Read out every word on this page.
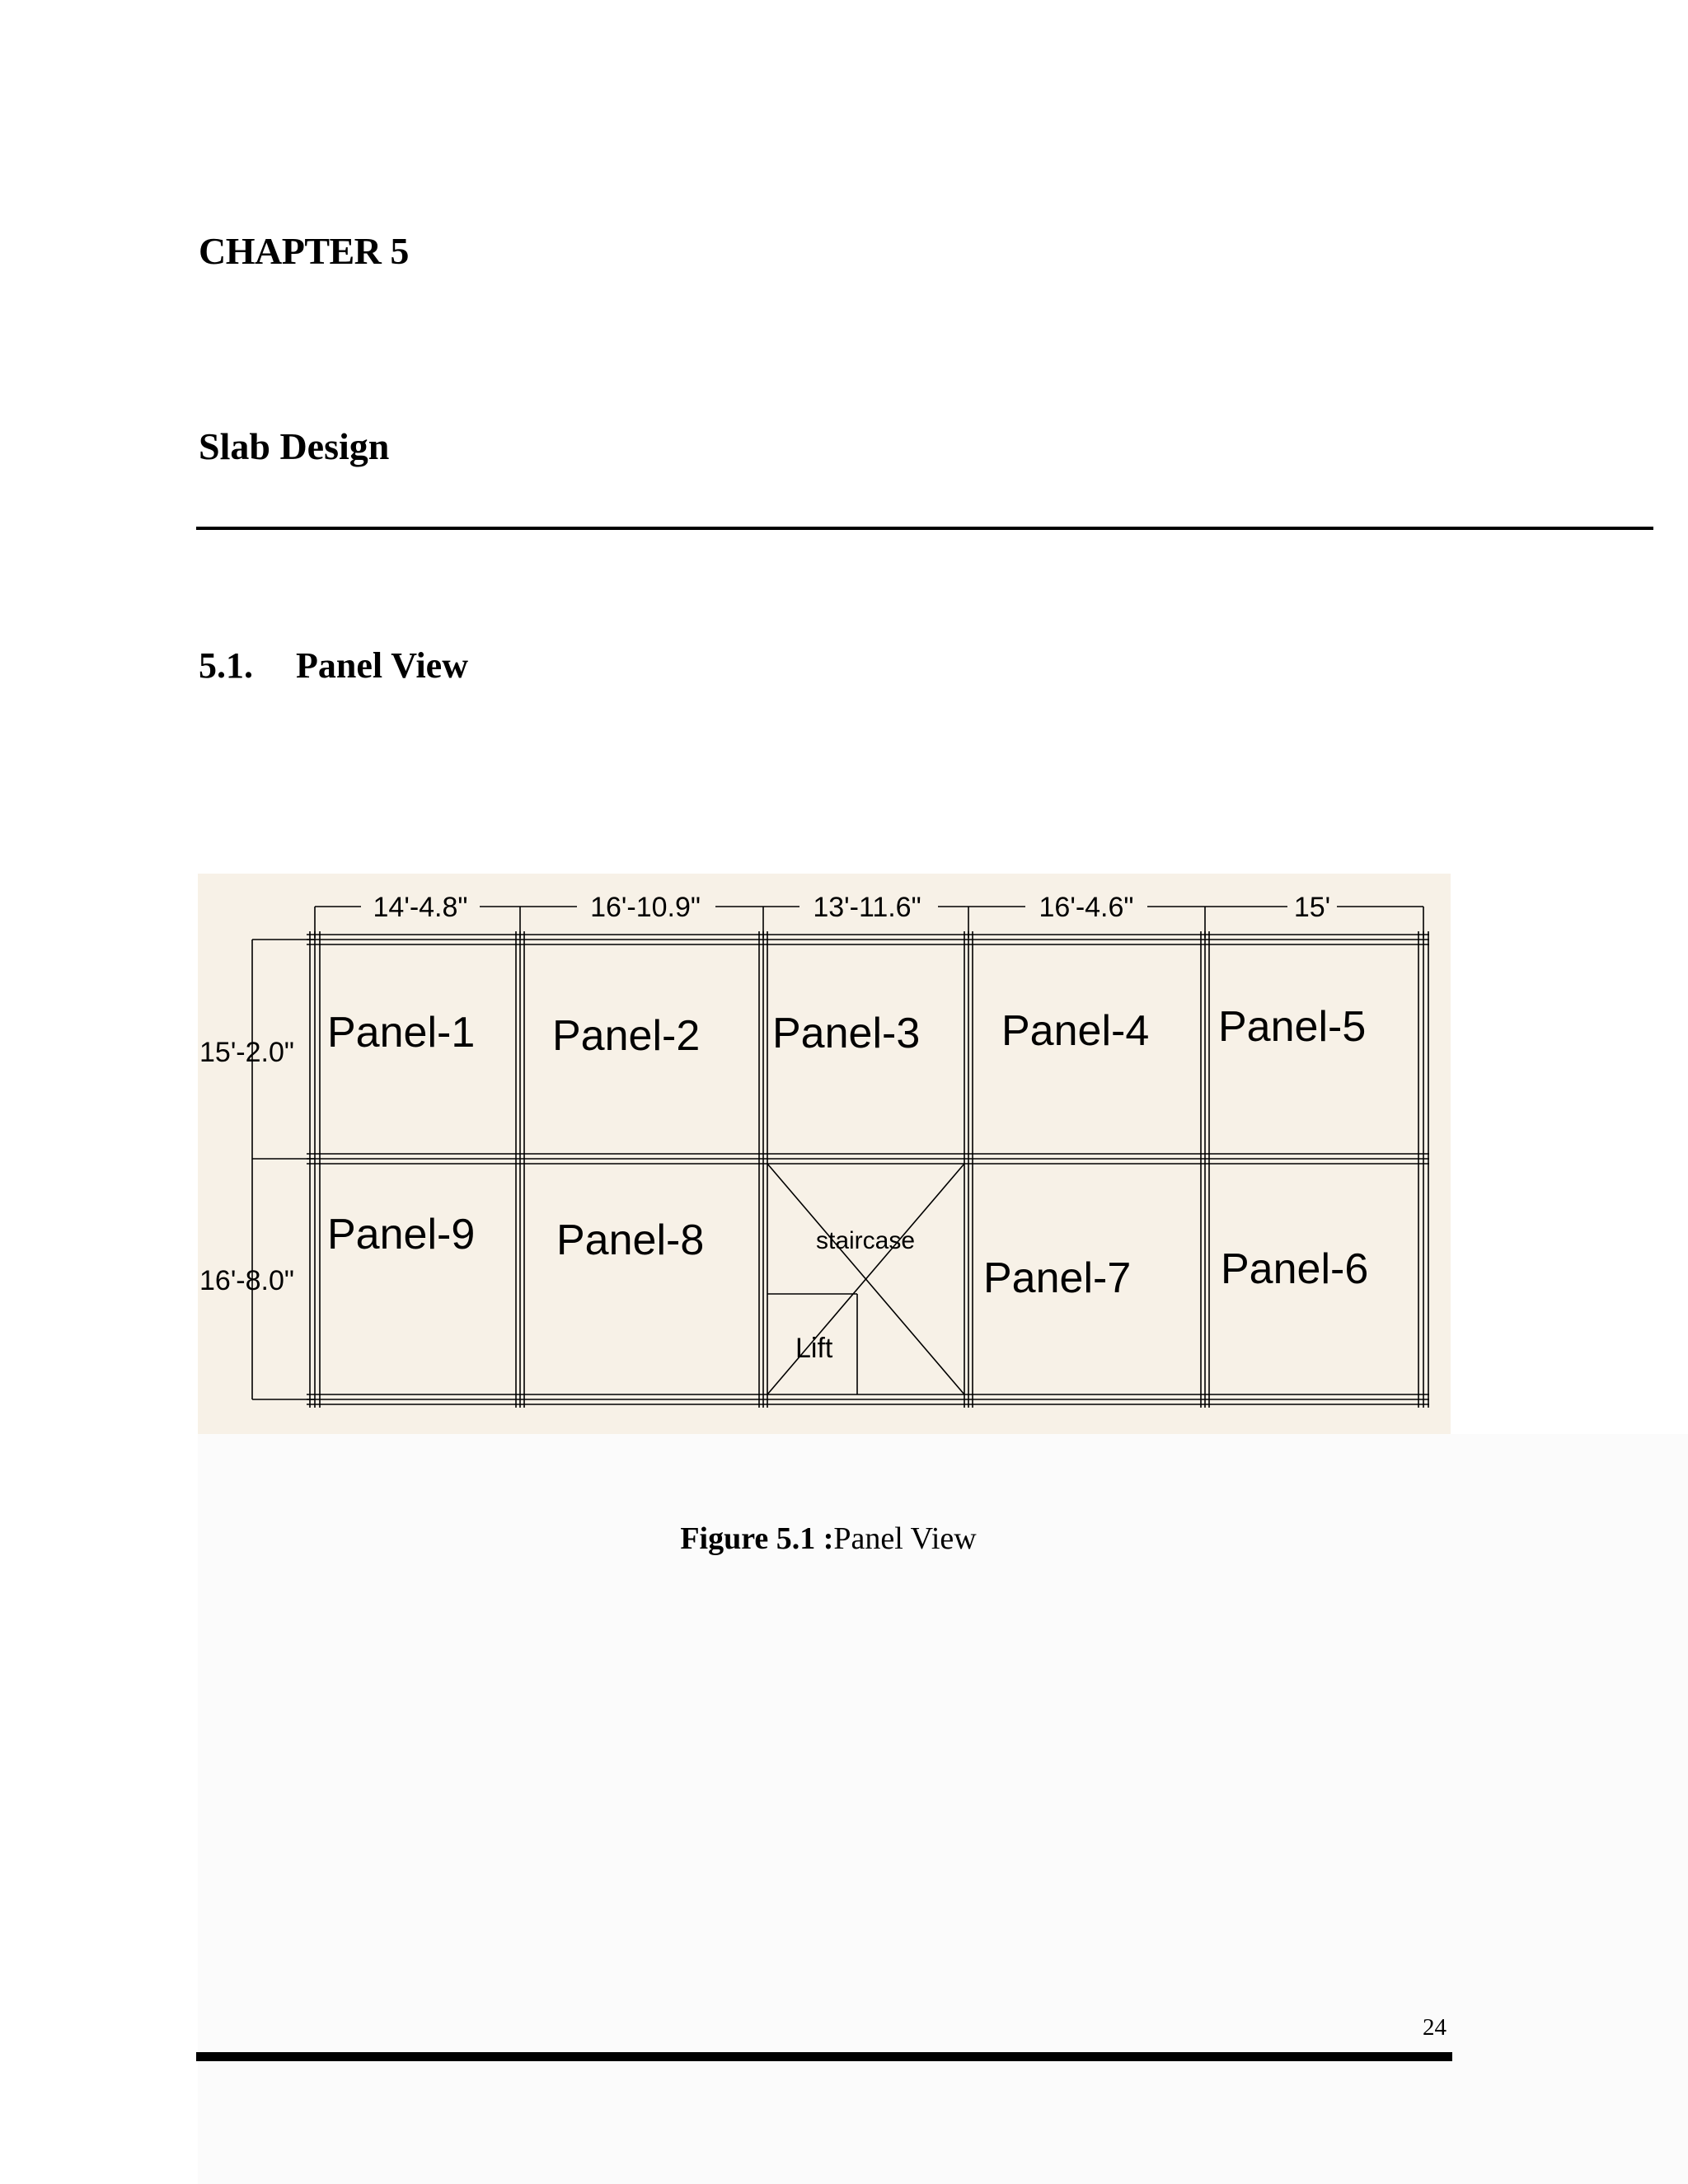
CHAPTER 5
Slab Design
5.1. Panel View
14'-4.8"	16'-10.9"	13'-11.6"	16'-4.6"	15'
15'-2.0"
16'-8.0"
Panel-1 Panel-2 Panel-3 Panel-4 Panel-5
Panel-9 Panel-8
Panel-7 Panel-6
staircase
Lift
Figure 5.1 :Panel View
24
